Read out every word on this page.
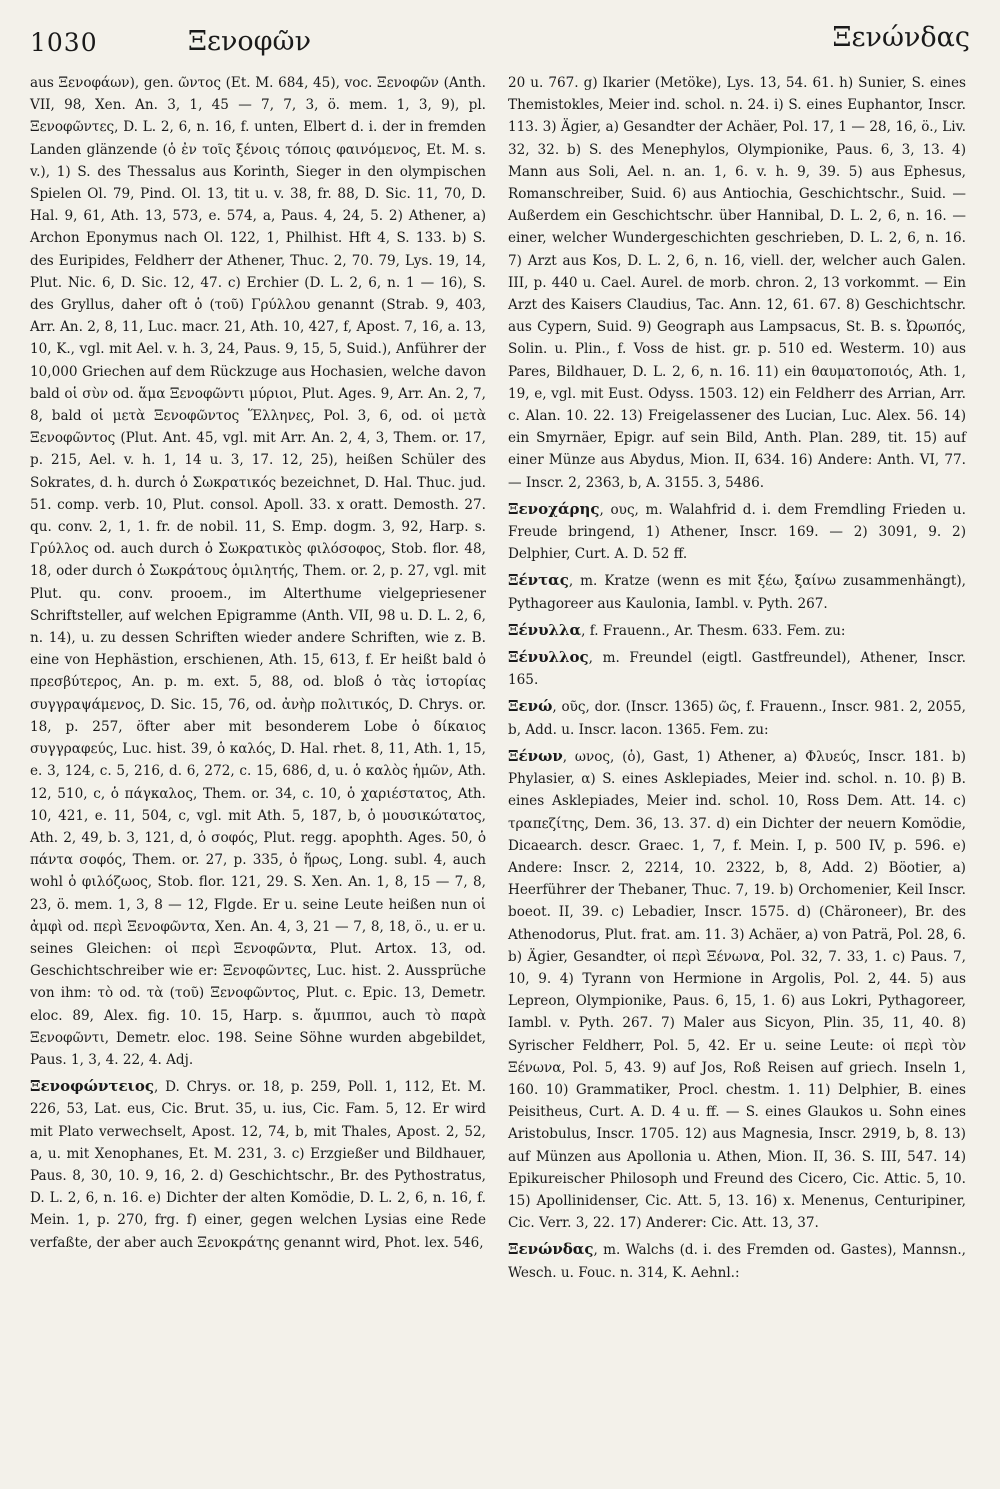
1030	Ξενοφῶν	Ξενώνδας

aus Ξενοφάων), gen. ῶντος (Et. M. 684, 45), voc. Ξενοφῶν (Anth. VII, 98, Xen. An. 3, 1, 45 — 7, 7, 3, ö. mem. 1, 3, 9), pl. Ξενοφῶντες, D. L. 2, 6, n. 16, f. unten, Elbert d. i. der in fremden Landen glänzende (ὁ ἐν τοῖς ξένοις τόποις φαινόμενος, Et. M. s. v.), 1) S. des Thessalus aus Korinth, Sieger in den olympischen Spielen Ol. 79, Pind. Ol. 13, tit u. v. 38, fr. 88, D. Sic. 11, 70, D. Hal. 9, 61, Ath. 13, 573, e. 574, a, Paus. 4, 24, 5. 2) Athener, a) Archon Eponymus nach Ol. 122, 1, Philhist. Hft 4, S. 133. b) S. des Euripides, Feldherr der Athener, Thuc. 2, 70. 79, Lys. 19, 14, Plut. Nic. 6, D. Sic. 12, 47. c) Erchier (D. L. 2, 6, n. 1 — 16), S. des Gryllus, daher oft ὁ (τοῦ) Γρύλλου genannt (Strab. 9, 403, Arr. An. 2, 8, 11, Luc. macr. 21, Ath. 10, 427, f, Apost. 7, 16, a. 13, 10, K., vgl. mit Ael. v. h. 3, 24, Paus. 9, 15, 5, Suid.), Anführer der 10,000 Griechen auf dem Rückzuge aus Hochasien, welche davon bald οἱ σὺν od. ἅμα Ξενοφῶντι μύριοι, Plut. Ages. 9, Arr. An. 2, 7, 8, bald οἱ μετὰ Ξενοφῶντος Ἕλληνες, Pol. 3, 6, od. οἱ μετὰ Ξενοφῶντος (Plut. Ant. 45, vgl. mit Arr. An. 2, 4, 3, Them. or. 17, p. 215, Ael. v. h. 1, 14 u. 3, 17. 12, 25), heißen Schüler des Sokrates, d. h. durch ὁ Σωκρατικός bezeichnet, D. Hal. Thuc. jud. 51. comp. verb. 10, Plut. consol. Apoll. 33. x oratt. Demosth. 27. qu. conv. 2, 1, 1. fr. de nobil. 11, S. Emp. dogm. 3, 92, Harp. s. Γρύλλος od. auch durch ὁ Σωκρατικὸς φιλόσοφος, Stob. flor. 48, 18, oder durch ὁ Σωκράτους ὁμιλητής, Them. or. 2, p. 27, vgl. mit Plut. qu. conv. prooem., im Alterthume vielgepriesener Schriftsteller, auf welchen Epigramme (Anth. VII, 98 u. D. L. 2, 6, n. 14), u. zu dessen Schriften wieder andere Schriften, wie z. B. eine von Hephästion, erschienen, Ath. 15, 613, f. Er heißt bald ὁ πρεσβύτερος, An. p. m. ext. 5, 88, od. bloß ὁ τὰς ἱστορίας συγγραψάμενος, D. Sic. 15, 76, od. ἀνὴρ πολιτικός, D. Chrys. or. 18, p. 257, öfter aber mit besonderem Lobe ὁ δίκαιος συγγραφεύς, Luc. hist. 39, ὁ καλός, D. Hal. rhet. 8, 11, Ath. 1, 15, e. 3, 124, c. 5, 216, d. 6, 272, c. 15, 686, d, u. ὁ καλὸς ἡμῶν, Ath. 12, 510, c, ὁ πάγκαλος, Them. or. 34, c. 10, ὁ χαριέστατος, Ath. 10, 421, e. 11, 504, c, vgl. mit Ath. 5, 187, b, ὁ μουσικώτατος, Ath. 2, 49, b. 3, 121, d, ὁ σοφός, Plut. regg. apophth. Ages. 50, ὁ πάντα σοφός, Them. or. 27, p. 335, ὁ ἥρως, Long. subl. 4, auch wohl ὁ φιλόζωος, Stob. flor. 121, 29. S. Xen. An. 1, 8, 15 — 7, 8, 23, ö. mem. 1, 3, 8 — 12, Flgde. Er u. seine Leute heißen nun οἱ ἀμφὶ od. περὶ Ξενοφῶντα, Xen. An. 4, 3, 21 — 7, 8, 18, ö., u. er u. seines Gleichen: οἱ περὶ Ξενοφῶντα, Plut. Artox. 13, od. Geschichtschreiber wie er: Ξενοφῶντες, Luc. hist. 2. Aussprüche von ihm: τὸ od. τὰ (τοῦ) Ξενοφῶντος, Plut. c. Epic. 13, Demetr. eloc. 89, Alex. fig. 10. 15, Harp. s. ἄμιπποι, auch τὸ παρὰ Ξενοφῶντι, Demetr. eloc. 198. Seine Söhne wurden abgebildet, Paus. 1, 3, 4. 22, 4. Adj.

Ξενοφώντειος, D. Chrys. or. 18, p. 259, Poll. 1, 112, Et. M. 226, 53, Lat. eus, Cic. Brut. 35, u. ius, Cic. Fam. 5, 12. Er wird mit Plato verwechselt, Apost. 12, 74, b, mit Thales, Apost. 2, 52, a, u. mit Xenophanes, Et. M. 231, 3. c) Erzgießer und Bildhauer, Paus. 8, 30, 10. 9, 16, 2. d) Geschichtschr., Br. des Pythostratus, D. L. 2, 6, n. 16. e) Dichter der alten Komödie, D. L. 2, 6, n. 16, f. Mein. 1, p. 270, frg. f) einer, gegen welchen Lysias eine Rede verfaßte, der aber auch Ξενοκράτης genannt wird, Phot. lex. 546,

20 u. 767. g) Ikarier (Metöke), Lys. 13, 54. 61. h) Sunier, S. eines Themistokles, Meier ind. schol. n. 24. i) S. eines Euphantor, Inscr. 113. 3) Ägier, a) Gesandter der Achäer, Pol. 17, 1 — 28, 16, ö., Liv. 32, 32. b) S. des Menephylos, Olympionike, Paus. 6, 3, 13. 4) Mann aus Soli, Ael. n. an. 1, 6. v. h. 9, 39. 5) aus Ephesus, Romanschreiber, Suid. 6) aus Antiochia, Geschichtschr., Suid. — Außerdem ein Geschichtschr. über Hannibal, D. L. 2, 6, n. 16. — einer, welcher Wundergeschichten geschrieben, D. L. 2, 6, n. 16. 7) Arzt aus Kos, D. L. 2, 6, n. 16, viell. der, welcher auch Galen. III, p. 440 u. Cael. Aurel. de morb. chron. 2, 13 vorkommt. — Ein Arzt des Kaisers Claudius, Tac. Ann. 12, 61. 67. 8) Geschichtschr. aus Cypern, Suid. 9) Geograph aus Lampsacus, St. B. s. Ὠρωπός, Solin. u. Plin., f. Voss de hist. gr. p. 510 ed. Westerm. 10) aus Pares, Bildhauer, D. L. 2, 6, n. 16. 11) ein θαυματοποιός, Ath. 1, 19, e, vgl. mit Eust. Odyss. 1503. 12) ein Feldherr des Arrian, Arr. c. Alan. 10. 22. 13) Freigelassener des Lucian, Luc. Alex. 56. 14) ein Smyrnäer, Epigr. auf sein Bild, Anth. Plan. 289, tit. 15) auf einer Münze aus Abydus, Mion. II, 634. 16) Andere: Anth. VI, 77. — Inscr. 2, 2363, b, A. 3155. 3, 5486.

Ξενοχάρης, ους, m. Walahfrid d. i. dem Fremdling Frieden u. Freude bringend, 1) Athener, Inscr. 169. — 2) 3091, 9. 2) Delphier, Curt. A. D. 52 ff.

Ξέντας, m. Kratze (wenn es mit ξέω, ξαίνω zusammenhängt), Pythagoreer aus Kaulonia, Iambl. v. Pyth. 267.

Ξένυλλα, f. Frauenn., Ar. Thesm. 633. Fem. zu:

Ξένυλλος, m. Freundel (eigtl. Gastfreundel), Athener, Inscr. 165.

Ξενώ, οῦς, dor. (Inscr. 1365) ῶς, f. Frauenn., Inscr. 981. 2, 2055, b, Add. u. Inscr. lacon. 1365. Fem. zu:

Ξένων, ωνος, (ὁ), Gast, 1) Athener, a) Φλυεύς, Inscr. 181. b) Phylasier, α) S. eines Asklepiades, Meier ind. schol. n. 10. β) B. eines Asklepiades, Meier ind. schol. 10, Ross Dem. Att. 14. c) τραπεζίτης, Dem. 36, 13. 37. d) ein Dichter der neuern Komödie, Dicaearch. descr. Graec. 1, 7, f. Mein. I, p. 500 IV, p. 596. e) Andere: Inscr. 2, 2214, 10. 2322, b, 8, Add. 2) Böotier, a) Heerführer der Thebaner, Thuc. 7, 19. b) Orchomenier, Keil Inscr. boeot. II, 39. c) Lebadier, Inscr. 1575. d) (Chäroneer), Br. des Athenodorus, Plut. frat. am. 11. 3) Achäer, a) von Paträ, Pol. 28, 6. b) Ägier, Gesandter, οἱ περὶ Ξένωνα, Pol. 32, 7. 33, 1. c) Paus. 7, 10, 9. 4) Tyrann von Hermione in Argolis, Pol. 2, 44. 5) aus Lepreon, Olympionike, Paus. 6, 15, 1. 6) aus Lokri, Pythagoreer, Iambl. v. Pyth. 267. 7) Maler aus Sicyon, Plin. 35, 11, 40. 8) Syrischer Feldherr, Pol. 5, 42. Er u. seine Leute: οἱ περὶ τὸν Ξένωνα, Pol. 5, 43. 9) auf Jos, Roß Reisen auf griech. Inseln 1, 160. 10) Grammatiker, Procl. chestm. 1. 11) Delphier, B. eines Peisitheus, Curt. A. D. 4 u. ff. — S. eines Glaukos u. Sohn eines Aristobulus, Inscr. 1705. 12) aus Magnesia, Inscr. 2919, b, 8. 13) auf Münzen aus Apollonia u. Athen, Mion. II, 36. S. III, 547. 14) Epikureischer Philosoph und Freund des Cicero, Cic. Attic. 5, 10. 15) Apollinidenser, Cic. Att. 5, 13. 16) x. Menenus, Centuripiner, Cic. Verr. 3, 22. 17) Anderer: Cic. Att. 13, 37.

Ξενώνδας, m. Walchs (d. i. des Fremden od. Gastes), Mannsn., Wesch. u. Fouc. n. 314, K. Aehnl.:
